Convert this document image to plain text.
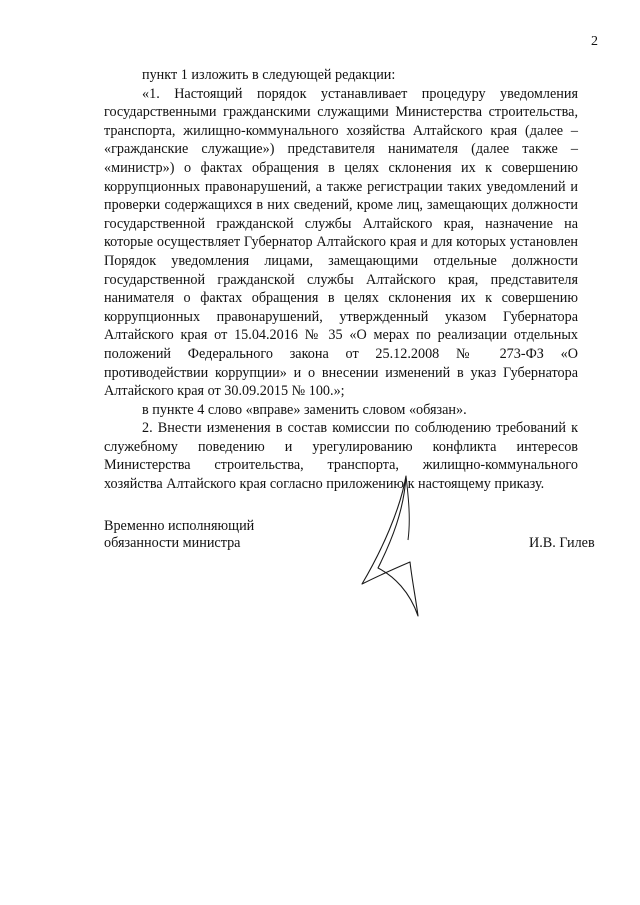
2

пункт 1 изложить в следующей редакции:

«1. Настоящий порядок устанавливает процедуру уведомления государственными гражданскими служащими Министерства строительства, транспорта, жилищно-коммунального хозяйства Алтайского края (далее – «гражданские служащие») представителя нанимателя (далее также – «министр») о фактах обращения в целях склонения их к совершению коррупционных правонарушений, а также регистрации таких уведомлений и проверки содержащихся в них сведений, кроме лиц, замещающих должности государственной гражданской службы Алтайского края, назначение на которые осуществляет Губернатор Алтайского края и для которых установлен Порядок уведомления лицами, замещающими отдельные должности государственной гражданской службы Алтайского края, представителя нанимателя о фактах обращения в целях склонения их к совершению коррупционных правонарушений, утвержденный указом Губернатора Алтайского края от 15.04.2016 № 35 «О мерах по реализации отдельных положений Федерального закона от 25.12.2008 № 273-ФЗ «О противодействии коррупции» и о внесении изменений в указ Губернатора Алтайского края от 30.09.2015 № 100.»;

в пункте 4 слово «вправе» заменить словом «обязан».

2. Внести изменения в состав комиссии по соблюдению требований к служебному поведению и урегулированию конфликта интересов Министерства строительства, транспорта, жилищно-коммунального хозяйства Алтайского края согласно приложению к настоящему приказу.

Временно исполняющий
обязанности министра	И.В. Гилев
